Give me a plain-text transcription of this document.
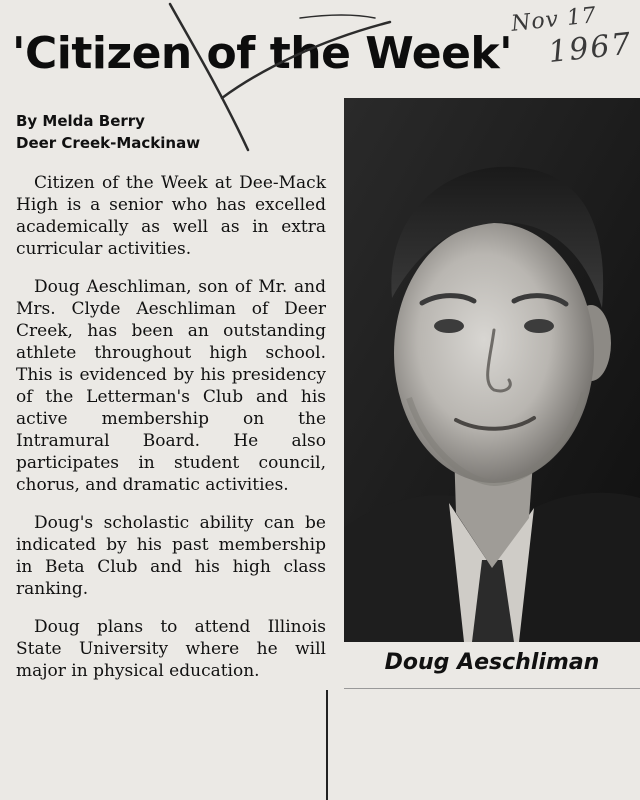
'Citizen of the Week'
Nov 17
1967
By Melda Berry
Deer Creek-Mackinaw

Citizen of the Week at Dee-Mack High is a senior who has excelled academically as well as in extra curricular activities.

Doug Aeschliman, son of Mr. and Mrs. Clyde Aeschliman of Deer Creek, has been an outstanding athlete throughout high school. This is evidenced by his presidency of the Letterman's Club and his active membership on the Intramural Board. He also participates in student council, chorus, and dramatic activities.

Doug's scholastic ability can be indicated by his past membership in Beta Club and his high class ranking.

Doug plans to attend Illinois State University where he will major in physical education.	Doug Aeschliman
